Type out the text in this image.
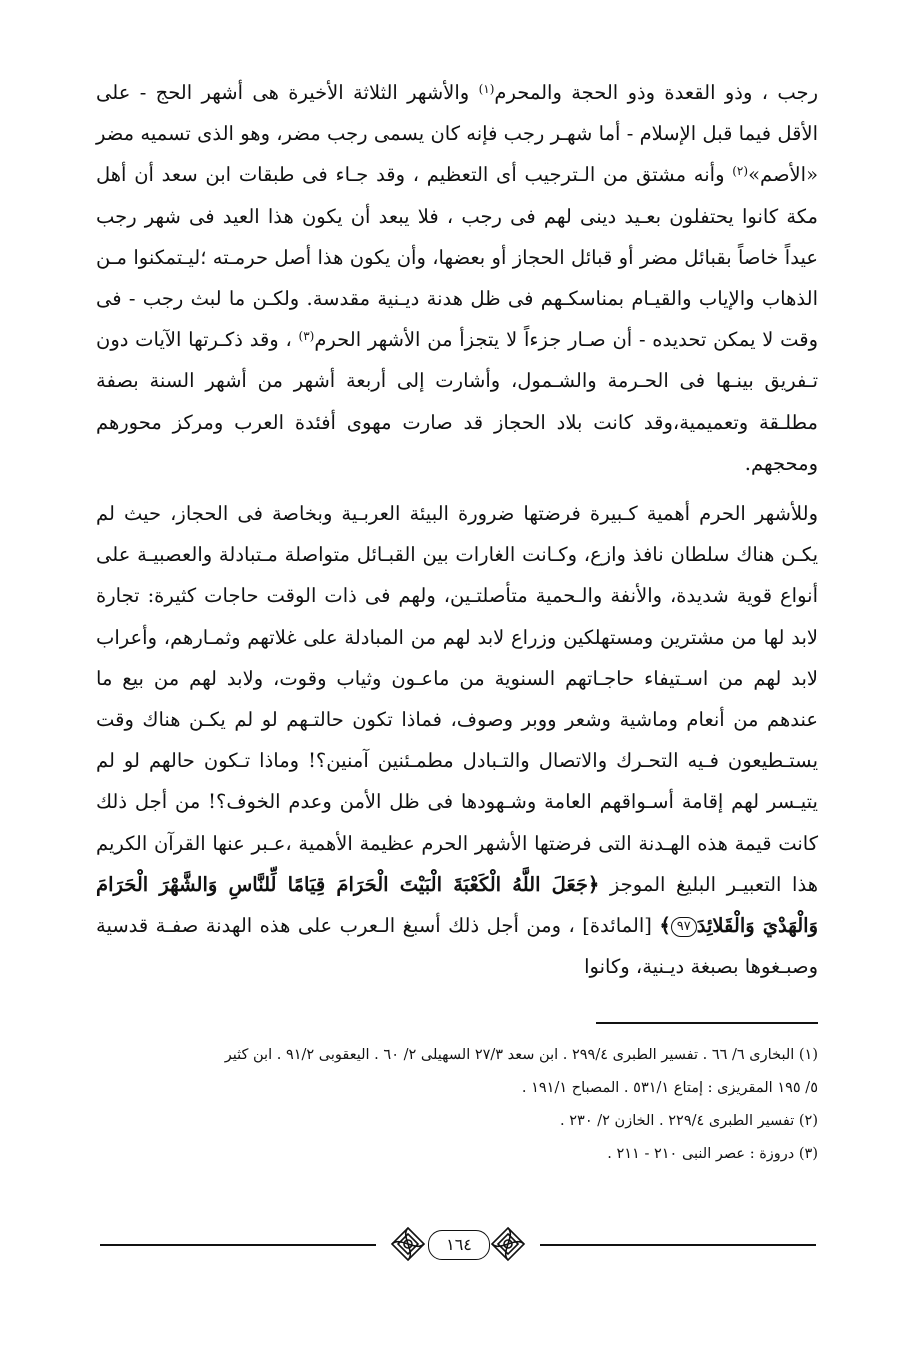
رجب ، وذو القعدة وذو الحجة والمحرم$^{(١)}$ والأشهر الثلاثة الأخيرة هى أشهر الحج - على الأقل فيما قبل الإسلام - أما شهـر رجب فإنه كان يسمى رجب مضر، وهو الذى تسميه مضر «الأصم»$^{(٢)}$ وأنه مشتق من الـترجيب أى التعظيم ، وقد جـاء فى طبقات ابن سعد أن أهل مكة كانوا يحتفلون بعـيد دينى لهم فى رجب ، فلا يبعد أن يكون هذا العيد فى شهر رجب عيداً خاصاً بقبائل مضر أو قبائل الحجاز أو بعضها، وأن يكون هذا أصل حرمـته ؛ليـتمكنوا مـن الذهاب والإياب والقيـام بمناسكـهم فى ظل هدنة ديـنية مقدسة. ولكـن ما لبث رجب - فى وقت لا يمكن تحديده - أن صـار جزءاً لا يتجزأ من الأشهر الحرم$^{(٣)}$ ، وقد ذكـرتها الآيات دون تـفريق بينـها فى الحـرمة والشـمول، وأشارت إلى أربعة أشهر من أشهر السنة بصفة مطلـقة وتعميمية،وقد كانت بلاد الحجاز قد صارت مهوى أفئدة العرب ومركز محورهم ومحجهم.

وللأشهر الحرم أهمية كـبيرة فرضتها ضرورة البيئة العربـية وبخاصة فى الحجاز، حيث لم يكـن هناك سلطان نافذ وازع، وكـانت الغارات بين القبـائل متواصلة مـتبادلة والعصبيـة على أنواع قوية شديدة، والأنفة والـحمية متأصلتـين، ولهم فى ذات الوقت حاجات كثيرة: تجارة لابد لها من مشترين ومستهلكين وزراع لابد لهم من المبادلة على غلاتهم وثمـارهم، وأعراب لابد لهم من اسـتيفاء حاجـاتهم السنوية من ماعـون وثياب وقوت، ولابد لهم من بيع ما عندهم من أنعام وماشية وشعر ووبر وصوف، فماذا تكون حالتـهم لو لم يكـن هناك وقت يستـطيعون فـيه التحـرك والاتصال والتـبادل مطمـئنين آمنين؟! وماذا تـكون حالهم لو لم يتيـسر لهم إقامة أسـواقهم العامة وشـهودها فى ظل الأمن وعدم الخوف؟! من أجل ذلك كانت قيمة هذه الهـدنة التى فرضتها الأشهر الحرم عظيمة الأهمية ،عـبر عنها القرآن الكريم هذا التعبيـر البليغ الموجز ﴿جَعَلَ اللَّهُ الْكَعْبَةَ الْبَيْتَ الْحَرَامَ قِيَامًا لِّلنَّاسِ وَالشَّهْرَ الْحَرَامَ وَالْهَدْيَ وَالْقَلائِدَ٩٧﴾ [المائدة] ، ومن أجل ذلك أسبغ الـعرب على هذه الهدنة صفـة قدسية وصبـغوها بصبغة ديـنية، وكانوا

(١) البخارى ٦/ ٦٦ . تفسير الطبرى ٢٩٩/٤ . ابن سعد ٢٧/٣ السهيلى ٢/ ٦٠ . اليعقوبى ٩١/٢ . ابن كثير

٥/ ١٩٥ المقريزى : إمتاع ٥٣١/١ . المصباح ١٩١/١ .

(٢) تفسير الطبرى ٢٢٩/٤ . الخازن ٢/ ٢٣٠ .

(٣) دروزة : عصر النبى ٢١٠ - ٢١١ .

١٦٤
